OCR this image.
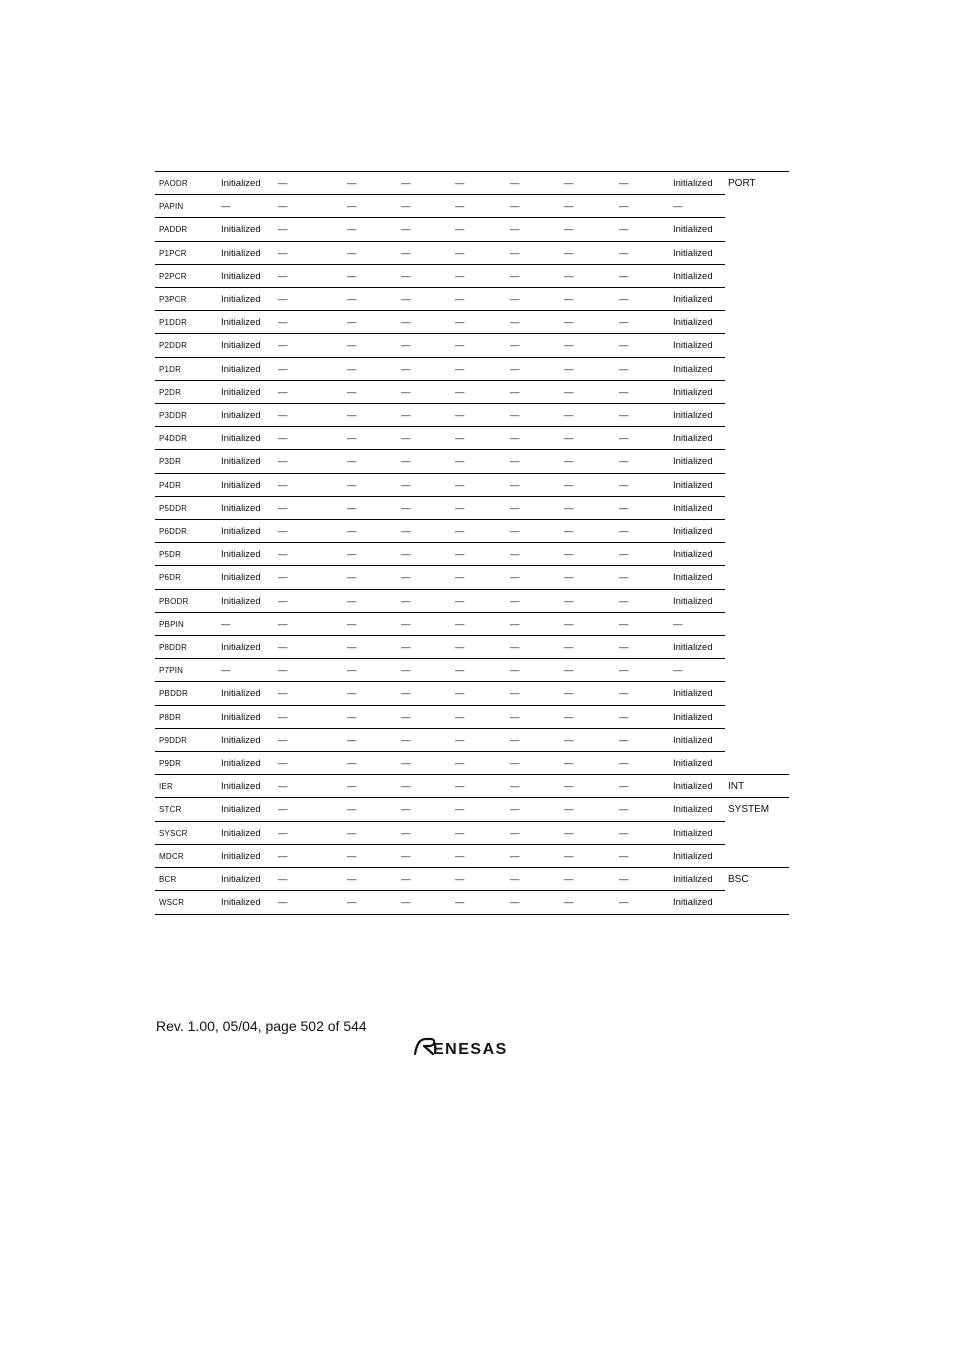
PAODR	Initialized —	—	—	—	—	—	—	Initialized PORT
PAPIN	—	—	—	—	—	—	—	—	—
PADDR	Initialized —	—	—	—	—	—	—	Initialized
P1PCR	Initialized —	—	—	—	—	—	—	Initialized
P2PCR	Initialized —	—	—	—	—	—	—	Initialized
P3PCR	Initialized —	—	—	—	—	—	—	Initialized
P1DDR	Initialized —	—	—	—	—	—	—	Initialized
P2DDR	Initialized —	—	—	—	—	—	—	Initialized
P1DR	Initialized —	—	—	—	—	—	—	Initialized
P2DR	Initialized —	—	—	—	—	—	—	Initialized
P3DDR	Initialized —	—	—	—	—	—	—	Initialized
P4DDR	Initialized —	—	—	—	—	—	—	Initialized
P3DR	Initialized —	—	—	—	—	—	—	Initialized
P4DR	Initialized —	—	—	—	—	—	—	Initialized
P5DDR	Initialized —	—	—	—	—	—	—	Initialized
P6DDR	Initialized —	—	—	—	—	—	—	Initialized
P5DR	Initialized —	—	—	—	—	—	—	Initialized
P6DR	Initialized —	—	—	—	—	—	—	Initialized
PBODR	Initialized —	—	—	—	—	—	—	Initialized
PBPIN	—	—	—	—	—	—	—	—	—
P8DDR	Initialized —	—	—	—	—	—	—	Initialized
P7PIN	—	—	—	—	—	—	—	—	—
PBDDR	Initialized —	—	—	—	—	—	—	Initialized
P8DR	Initialized —	—	—	—	—	—	—	Initialized
P9DDR	Initialized —	—	—	—	—	—	—	Initialized
P9DR	Initialized —	—	—	—	—	—	—	Initialized
IER	Initialized —	—	—	—	—	—	—	Initialized INT
STCR	Initialized —	—	—	—	—	—	—	Initialized SYSTEM
SYSCR	Initialized —	—	—	—	—	—	—	Initialized
MDCR	Initialized —	—	—	—	—	—	—	Initialized
BCR	Initialized —	—	—	—	—	—	—	Initialized BSC
WSCR	Initialized —	—	—	—	—	—	—	Initialized
Rev. 1.00, 05/04, page 502 of 544
ENESAS
